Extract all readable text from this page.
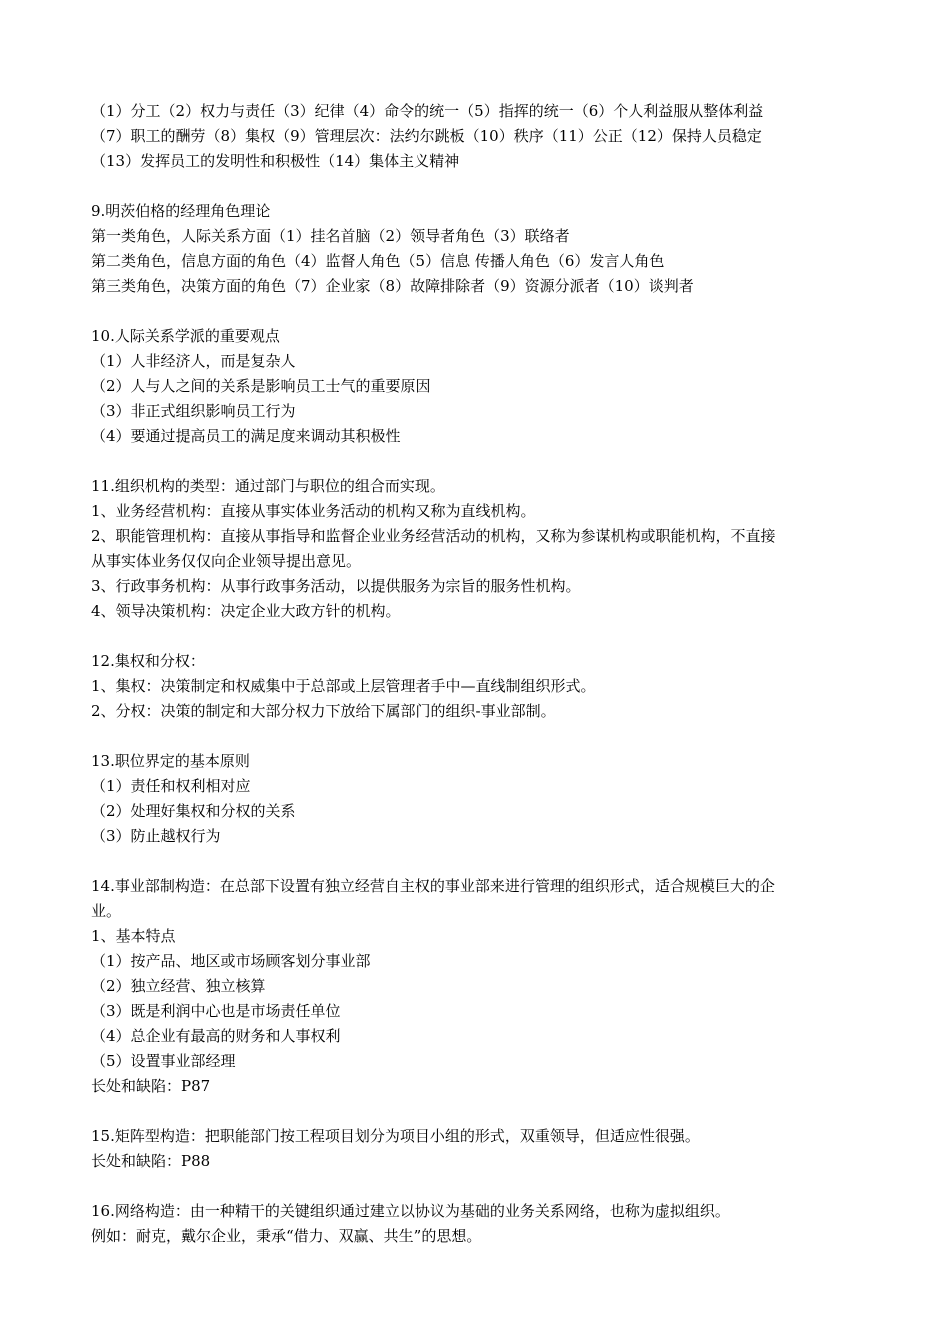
（1）分工（2）权力与责任（3）纪律（4）命令的统一（5）指挥的统一（6）个人利益服从整体利益
（7）职工的酬劳（8）集权（9）管理层次：法约尔跳板（10）秩序（11）公正（12）保持人员稳定
（13）发挥员工的发明性和积极性（14）集体主义精神
9.明茨伯格的经理角色理论
第一类角色，人际关系方面（1）挂名首脑（2）领导者角色（3）联络者
第二类角色，信息方面的角色（4）监督人角色（5）信息 传播人角色（6）发言人角色
第三类角色，决策方面的角色（7）企业家（8）故障排除者（9）资源分派者（10）谈判者
10.人际关系学派的重要观点
（1）人非经济人，而是复杂人
（2）人与人之间的关系是影响员工士气的重要原因
（3）非正式组织影响员工行为
（4）要通过提高员工的满足度来调动其积极性
11.组织机构的类型：通过部门与职位的组合而实现。
1、业务经营机构：直接从事实体业务活动的机构又称为直线机构。
2、职能管理机构：直接从事指导和监督企业业务经营活动的机构，又称为参谋机构或职能机构，不直接
从事实体业务仅仅向企业领导提出意见。
3、行政事务机构：从事行政事务活动，以提供服务为宗旨的服务性机构。
4、领导决策机构：决定企业大政方针的机构。
12.集权和分权：
1、集权：决策制定和权威集中于总部或上层管理者手中—直线制组织形式。
2、分权：决策的制定和大部分权力下放给下属部门的组织-事业部制。
13.职位界定的基本原则
（1）责任和权利相对应
（2）处理好集权和分权的关系
（3）防止越权行为
14.事业部制构造：在总部下设置有独立经营自主权的事业部来进行管理的组织形式，适合规模巨大的企
业。
1、基本特点
（1）按产品、地区或市场顾客划分事业部
（2）独立经营、独立核算
（3）既是利润中心也是市场责任单位
（4）总企业有最高的财务和人事权利
（5）设置事业部经理
长处和缺陷：P87
15.矩阵型构造：把职能部门按工程项目划分为项目小组的形式，双重领导，但适应性很强。
长处和缺陷：P88
16.网络构造：由一种精干的关键组织通过建立以协议为基础的业务关系网络，也称为虚拟组织。
例如：耐克，戴尔企业，秉承“借力、双赢、共生”的思想。
